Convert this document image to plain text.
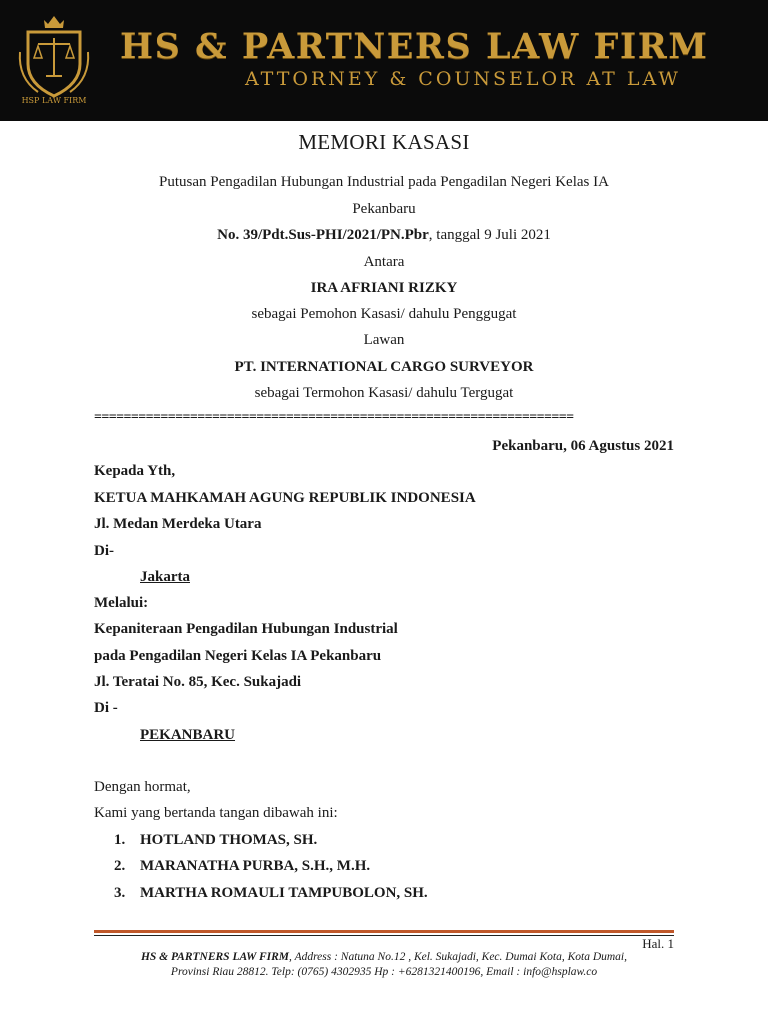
HSP LAW FIRM
HS & PARTNERS LAW FIRM
ATTORNEY & COUNSELOR AT LAW
MEMORI KASASI
Putusan Pengadilan Hubungan Industrial pada Pengadilan Negeri Kelas IA
Pekanbaru
No. 39/Pdt.Sus-PHI/2021/PN.Pbr, tanggal 9 Juli 2021
Antara
IRA AFRIANI RIZKY
sebagai Pemohon Kasasi/ dahulu Penggugat
Lawan
PT. INTERNATIONAL CARGO SURVEYOR
sebagai Termohon Kasasi/ dahulu Tergugat
=================================================================
Pekanbaru, 06 Agustus 2021
Kepada Yth,
KETUA MAHKAMAH AGUNG REPUBLIK INDONESIA
Jl. Medan Merdeka Utara
Di-
Jakarta
Melalui:
Kepaniteraan Pengadilan Hubungan Industrial
pada Pengadilan Negeri Kelas IA Pekanbaru
Jl. Teratai No. 85, Kec. Sukajadi
Di -
PEKANBARU
Dengan hormat,
Kami yang bertanda tangan dibawah ini:
1. HOTLAND THOMAS, SH.
2. MARANATHA PURBA, S.H., M.H.
3. MARTHA ROMAULI TAMPUBOLON, SH.
Hal. 1
HS & PARTNERS LAW FIRM, Address : Natuna No.12 , Kel. Sukajadi, Kec. Dumai Kota, Kota Dumai,
Provinsi Riau 28812. Telp: (0765) 4302935 Hp : +6281321400196, Email : info@hsplaw.co
